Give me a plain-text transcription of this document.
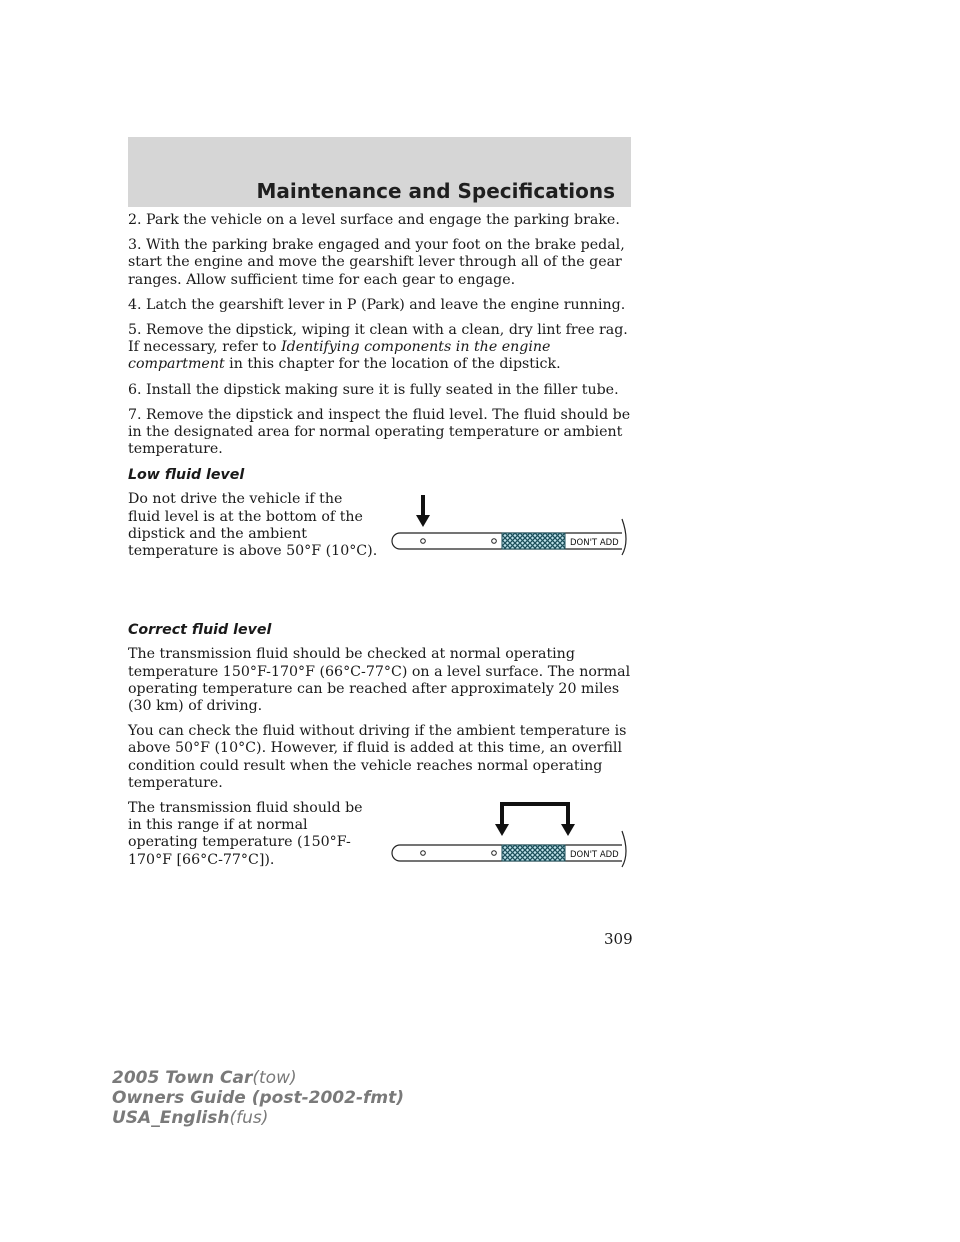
Maintenance and Specifications

2. Park the vehicle on a level surface and engage the parking brake.

3. With the parking brake engaged and your foot on the brake pedal, start the engine and move the gearshift lever through all of the gear ranges. Allow sufficient time for each gear to engage.

4. Latch the gearshift lever in P (Park) and leave the engine running.

5. Remove the dipstick, wiping it clean with a clean, dry lint free rag. If necessary, refer to Identifying components in the engine compartment in this chapter for the location of the dipstick.

6. Install the dipstick making sure it is fully seated in the filler tube.

7. Remove the dipstick and inspect the fluid level. The fluid should be in the designated area for normal operating temperature or ambient temperature.

Low fluid level

Do not drive the vehicle if the fluid level is at the bottom of the dipstick and the ambient temperature is above 50°F (10°C).	DON'T ADD
Correct fluid level

The transmission fluid should be checked at normal operating temperature 150°F-170°F (66°C-77°C) on a level surface. The normal operating temperature can be reached after approximately 20 miles (30 km) of driving.

You can check the fluid without driving if the ambient temperature is above 50°F (10°C). However, if fluid is added at this time, an overfill condition could result when the vehicle reaches normal operating temperature.

The transmission fluid should be in this range if at normal operating temperature (150°F-170°F [66°C-77°C]).	DON'T ADD
309
2005 Town Car(tow)
Owners Guide (post-2002-fmt)
USA_English(fus)
